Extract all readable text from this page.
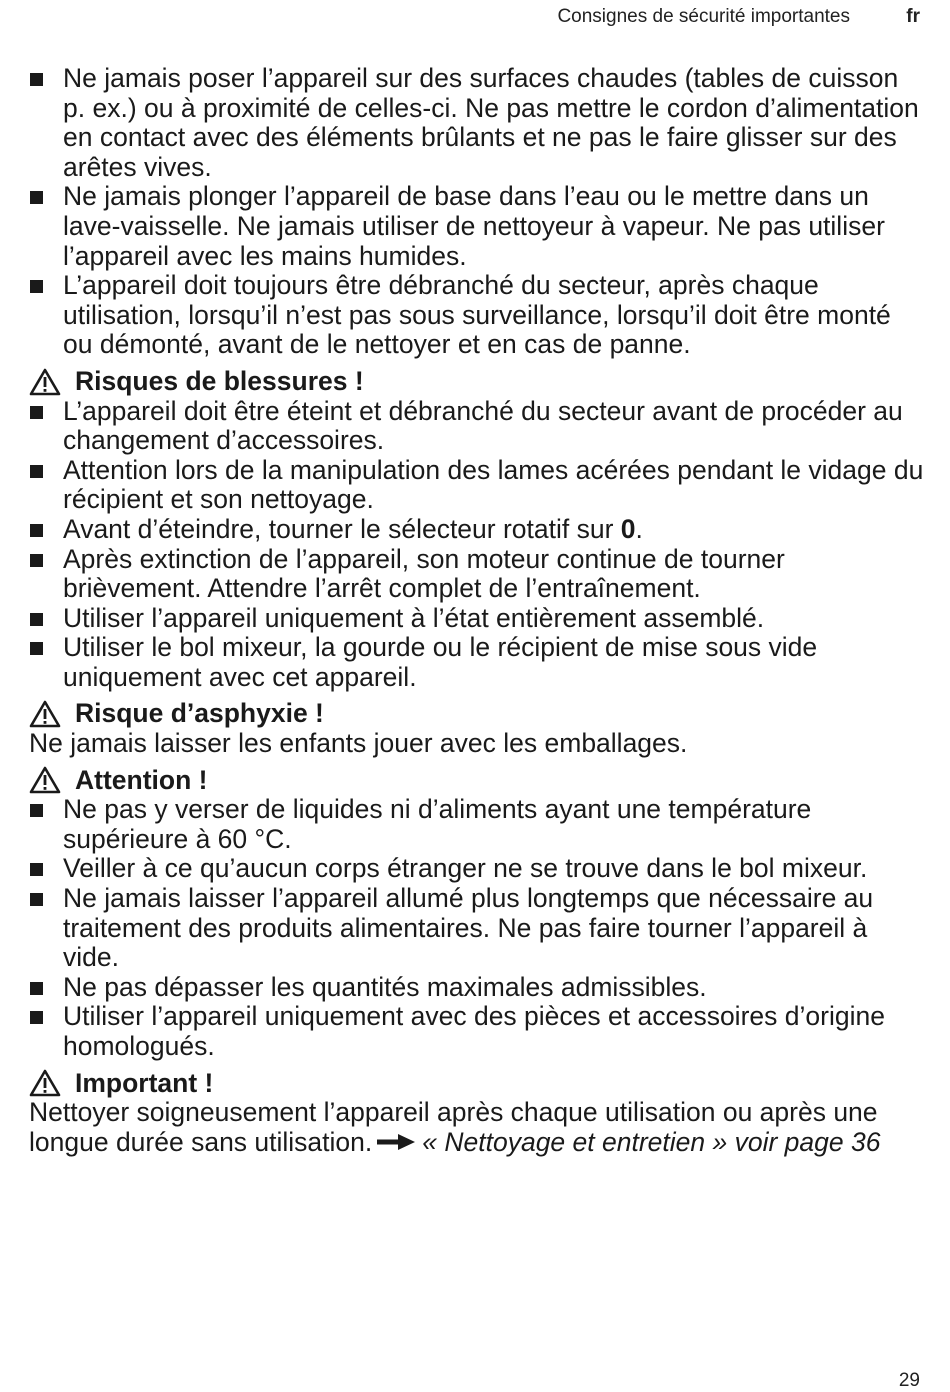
Consignes de sécurité importantes	fr
Ne jamais poser l’appareil sur des surfaces chaudes (tables de cuisson p. ex.) ou à proximité de celles-ci. Ne pas mettre le cordon d’alimentation en contact avec des éléments brûlants et ne pas le faire glisser sur des arêtes vives.
Ne jamais plonger l’appareil de base dans l’eau ou le mettre dans un lave-vaisselle. Ne jamais utiliser de nettoyeur à vapeur. Ne pas utiliser l’appareil avec les mains humides.
L’appareil doit toujours être débranché du secteur, après chaque utilisation, lorsqu’il n’est pas sous surveillance, lorsqu’il doit être monté ou démonté, avant de le nettoyer et en cas de panne.
Risques de blessures !
L’appareil doit être éteint et débranché du secteur avant de procéder au changement d’accessoires.
Attention lors de la manipulation des lames acérées pendant le vidage du récipient et son nettoyage.
Avant d’éteindre, tourner le sélecteur rotatif sur 0.
Après extinction de l’appareil, son moteur continue de tourner brièvement. Attendre l’arrêt complet de l’entraînement.
Utiliser l’appareil uniquement à l’état entièrement assemblé.
Utiliser le bol mixeur, la gourde ou le récipient de mise sous vide uniquement avec cet appareil.
Risque d’asphyxie !

Ne jamais laisser les enfants jouer avec les emballages.

Attention !
Ne pas y verser de liquides ni d’aliments ayant une température supérieure à 60 °C.
Veiller à ce qu’aucun corps étranger ne se trouve dans le bol mixeur.
Ne jamais laisser l’appareil allumé plus longtemps que nécessaire au traitement des produits alimentaires. Ne pas faire tourner l’appareil à vide.
Ne pas dépasser les quantités maximales admissibles.
Utiliser l’appareil uniquement avec des pièces et accessoires d’origine homologués.
Important !

Nettoyer soigneusement l’appareil après chaque utilisation ou après une longue durée sans utilisation. « Nettoyage et entretien » voir page 36

29
